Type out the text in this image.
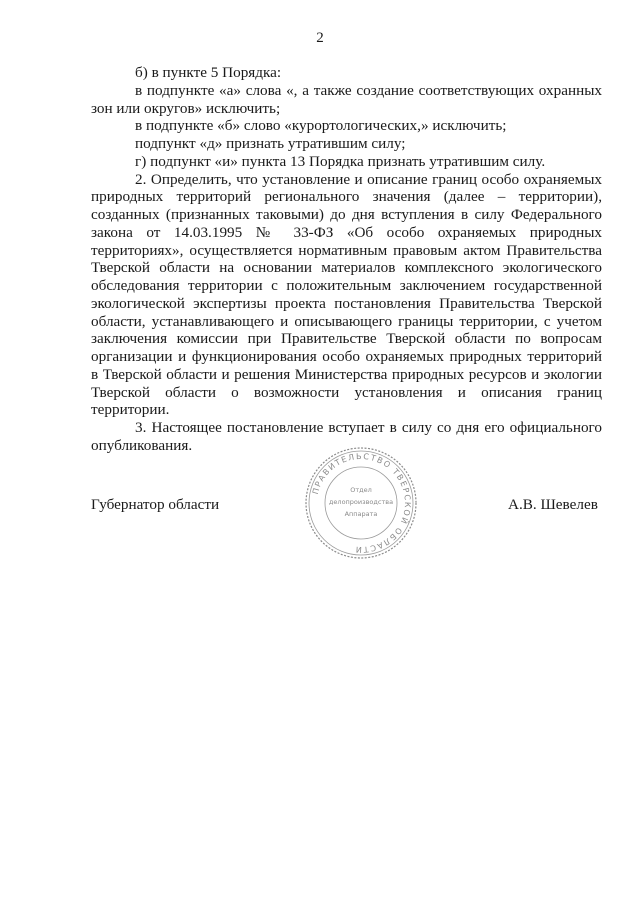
2

б) в пункте 5 Порядка:

в подпункте «а» слова «, а также создание соответствующих охранных зон или округов» исключить;

в подпункте «б» слово «курортологических,» исключить;

подпункт «д» признать утратившим силу;

г) подпункт «и» пункта 13 Порядка признать утратившим силу.

2. Определить, что установление и описание границ особо охраняемых природных территорий регионального значения (далее – территории), созданных (признанных таковыми) до дня вступления в силу Федерального закона от 14.03.1995 № 33-ФЗ «Об особо охраняемых природных территориях», осуществляется нормативным правовым актом Правительства Тверской области на основании материалов комплексного экологического обследования территории с положительным заключением государственной экологической экспертизы проекта постановления Правительства Тверской области, устанавливающего и описывающего границы территории, с учетом заключения комиссии при Правительстве Тверской области по вопросам организации и функционирования особо охраняемых природных территорий в Тверской области и решения Министерства природных ресурсов и экологии Тверской области о возможности установления и описания границ территории.

3. Настоящее постановление вступает в силу со дня его официального опубликования.

Губернатор области	А.В. Шевелев
ПРАВИТЕЛЬСТВО ТВЕРСКОЙ ОБЛАСТИ
Отдел
делопроизводства
Аппарата
